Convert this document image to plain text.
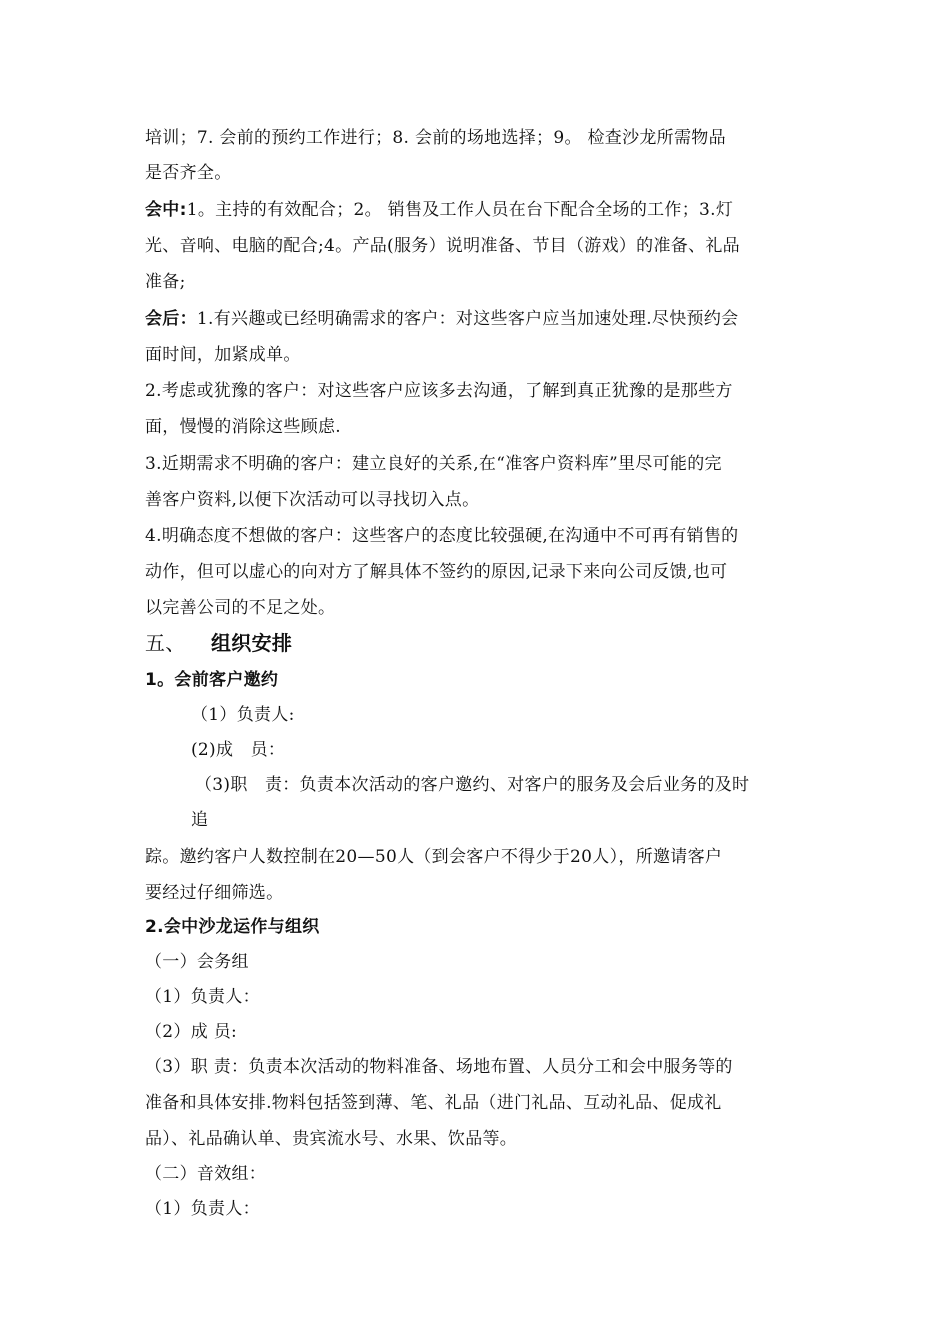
培训；7. 会前的预约工作进行；8. 会前的场地选择；9。 检查沙龙所需物品
是否齐全。
会中:1。主持的有效配合；2。 销售及工作人员在台下配合全场的工作；3.灯
光、音响、电脑的配合;4。产品(服务）说明准备、节目（游戏）的准备、礼品
准备;
会后：1.有兴趣或已经明确需求的客户：对这些客户应当加速处理.尽快预约会
面时间，加紧成单。
2.考虑或犹豫的客户：对这些客户应该多去沟通，了解到真正犹豫的是那些方
面，慢慢的消除这些顾虑.
3.近期需求不明确的客户：建立良好的关系,在“准客户资料库”里尽可能的完
善客户资料,以便下次活动可以寻找切入点。
4.明确态度不想做的客户：这些客户的态度比较强硬,在沟通中不可再有销售的
动作，但可以虚心的向对方了解具体不签约的原因,记录下来向公司反馈,也可
以完善公司的不足之处。
五、 组织安排
1。会前客户邀约
（1）负责人:
(2)成　员：
（3)职　责：负责本次活动的客户邀约、对客户的服务及会后业务的及时
追
踪。邀约客户人数控制在20—50人（到会客户不得少于20人），所邀请客户
要经过仔细筛选。
2.会中沙龙运作与组织
（一）会务组
（1）负责人：
（2）成 员:
（3）职 责：负责本次活动的物料准备、场地布置、人员分工和会中服务等的
准备和具体安排.物料包括签到薄、笔、礼品（进门礼品、互动礼品、促成礼
品）、礼品确认单、贵宾流水号、水果、饮品等。
（二）音效组：
（1）负责人：
